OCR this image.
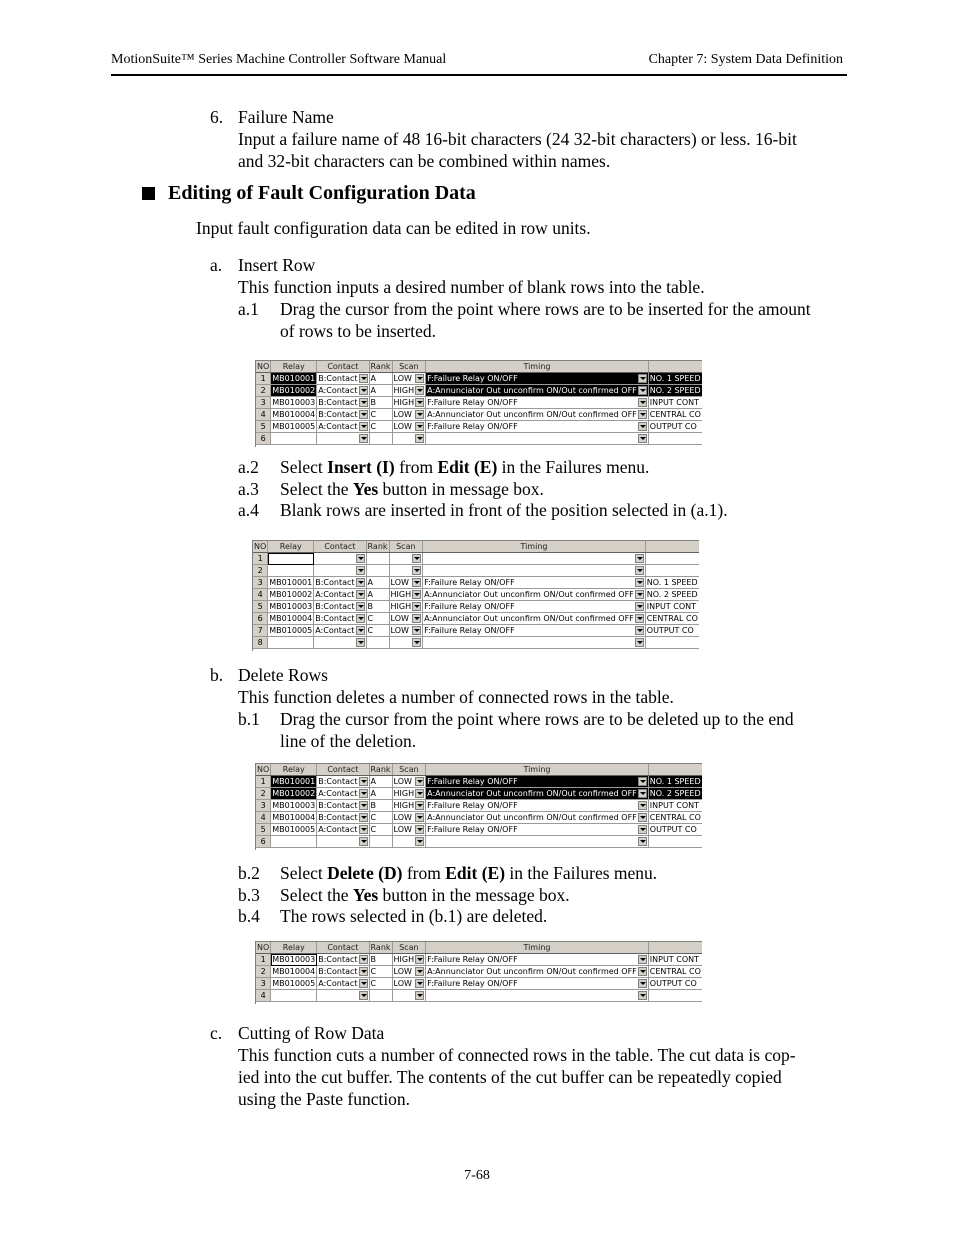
MotionSuite™ Series Machine Controller Software Manual	Chapter 7: System Data Definition
6. Failure Name
Input a failure name of 48 16-bit characters (24 32-bit characters) or less. 16-bit
and 32-bit characters can be combined within names.
Editing of Fault Configuration Data
Input fault configuration data can be edited in row units.
a. Insert Row
This function inputs a desired number of blank rows into the table.
a.1 Drag the cursor from the point where rows are to be inserted for the amount
of rows to be inserted.
NO	Relay	Contact	Rank	Scan	Timing	
1	MB010001	B:Contact	A	LOW	F:Failure Relay ON/OFF	NO. 1 SPEED
2	MB010002	A:Contact	A	HIGH	A:Annunciator Out unconfirm ON/Out confirmed OFF	NO. 2 SPEED
3	MB010003	B:Contact	B	HIGH	F:Failure Relay ON/OFF	INPUT CONT
4	MB010004	B:Contact	C	LOW	A:Annunciator Out unconfirm ON/Out confirmed OFF	CENTRAL CO
5	MB010005	A:Contact	C	LOW	F:Failure Relay ON/OFF	OUTPUT CO
6		

a.2 Select Insert (I) from Edit (E) in the Failures menu.
a.3 Select the Yes button in message box.
a.4 Blank rows are inserted in front of the position selected in (a.1).
NO	Relay	Contact	Rank	Scan	Timing	
1		

2		

3	MB010001	B:Contact	A	LOW	F:Failure Relay ON/OFF	NO. 1 SPEED
4	MB010002	A:Contact	A	HIGH	A:Annunciator Out unconfirm ON/Out confirmed OFF	NO. 2 SPEED
5	MB010003	B:Contact	B	HIGH	F:Failure Relay ON/OFF	INPUT CONT
6	MB010004	B:Contact	C	LOW	A:Annunciator Out unconfirm ON/Out confirmed OFF	CENTRAL CO
7	MB010005	A:Contact	C	LOW	F:Failure Relay ON/OFF	OUTPUT CO
8		

b. Delete Rows
This function deletes a number of connected rows in the table.
b.1 Drag the cursor from the point where rows are to be deleted up to the end
line of the deletion.
NO	Relay	Contact	Rank	Scan	Timing	
1	MB010001	B:Contact	A	LOW	F:Failure Relay ON/OFF	NO. 1 SPEED
2	MB010002	A:Contact	A	HIGH	A:Annunciator Out unconfirm ON/Out confirmed OFF	NO. 2 SPEED
3	MB010003	B:Contact	B	HIGH	F:Failure Relay ON/OFF	INPUT CONT
4	MB010004	B:Contact	C	LOW	A:Annunciator Out unconfirm ON/Out confirmed OFF	CENTRAL CO
5	MB010005	A:Contact	C	LOW	F:Failure Relay ON/OFF	OUTPUT CO
6		

b.2 Select Delete (D) from Edit (E) in the Failures menu.
b.3 Select the Yes button in the message box.
b.4 The rows selected in (b.1) are deleted.
NO	Relay	Contact	Rank	Scan	Timing	
1	MB010003	B:Contact	B	HIGH	F:Failure Relay ON/OFF	INPUT CONT
2	MB010004	B:Contact	C	LOW	A:Annunciator Out unconfirm ON/Out confirmed OFF	CENTRAL CO
3	MB010005	A:Contact	C	LOW	F:Failure Relay ON/OFF	OUTPUT CO
4		

c. Cutting of Row Data
This function cuts a number of connected rows in the table. The cut data is cop-
ied into the cut buffer. The contents of the cut buffer can be repeatedly copied
using the Paste function.
7-68
